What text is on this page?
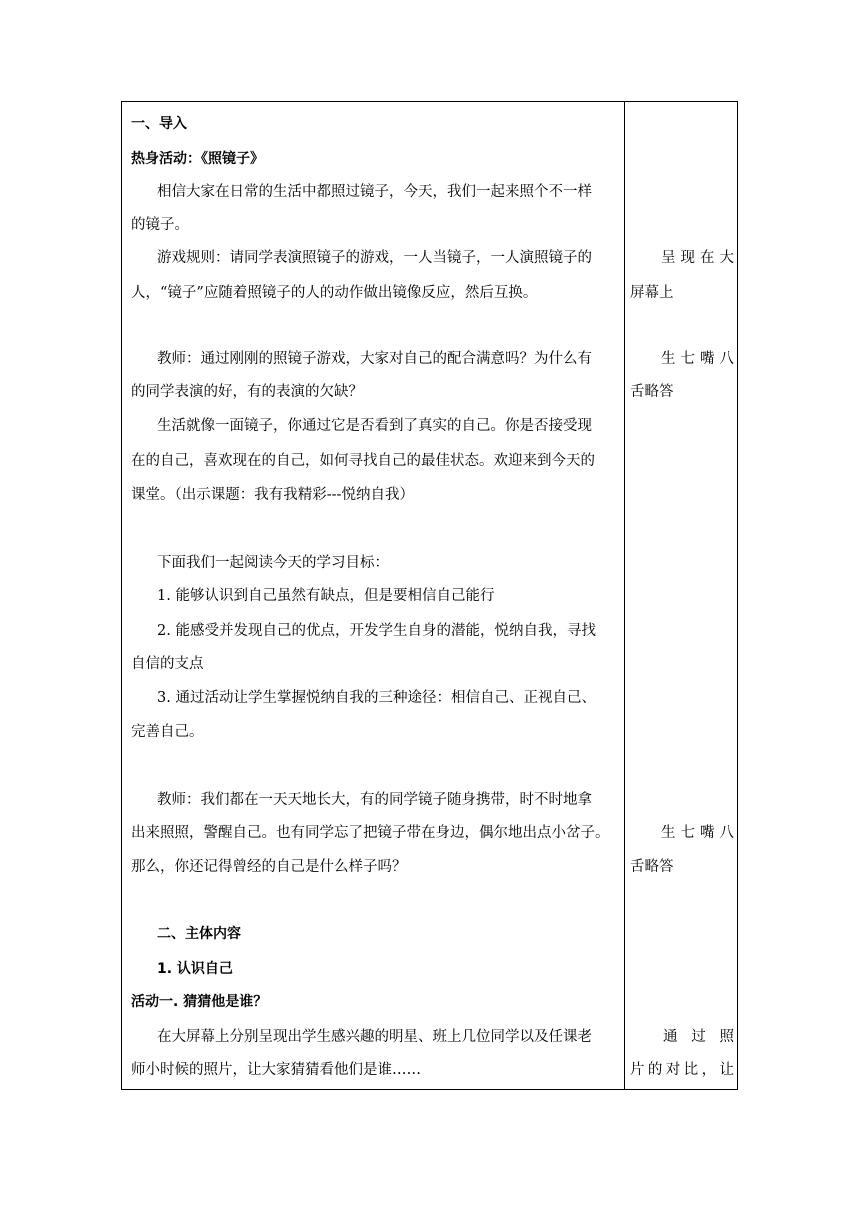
一、导入
热身活动：《照镜子》
相信大家在日常的生活中都照过镜子，今天，我们一起来照个不一样
的镜子。
游戏规则：请同学表演照镜子的游戏，一人当镜子，一人演照镜子的
人，“镜子”应随着照镜子的人的动作做出镜像反应，然后互换。
教师：通过刚刚的照镜子游戏，大家对自己的配合满意吗？为什么有
的同学表演的好，有的表演的欠缺？
生活就像一面镜子，你通过它是否看到了真实的自己。你是否接受现
在的自己，喜欢现在的自己，如何寻找自己的最佳状态。欢迎来到今天的
课堂。（出示课题：我有我精彩---悦纳自我）
下面我们一起阅读今天的学习目标：
1. 能够认识到自己虽然有缺点，但是要相信自己能行
2. 能感受并发现自己的优点，开发学生自身的潜能，悦纳自我，寻找
自信的支点
3. 通过活动让学生掌握悦纳自我的三种途径：相信自己、正视自己、
完善自己。
教师：我们都在一天天地长大，有的同学镜子随身携带，时不时地拿
出来照照，警醒自己。也有同学忘了把镜子带在身边，偶尔地出点小岔子。
那么，你还记得曾经的自己是什么样子吗？
二、主体内容
1. 认识自己
活动一. 猜猜他是谁？
在大屏幕上分别呈现出学生感兴趣的明星、班上几位同学以及任课老
师小时候的照片，让大家猜猜看他们是谁……
呈 现 在 大
屏幕上
生 七 嘴 八
舌略答
生 七 嘴 八
舌略答
通 过 照
片 的 对 比 ， 让
